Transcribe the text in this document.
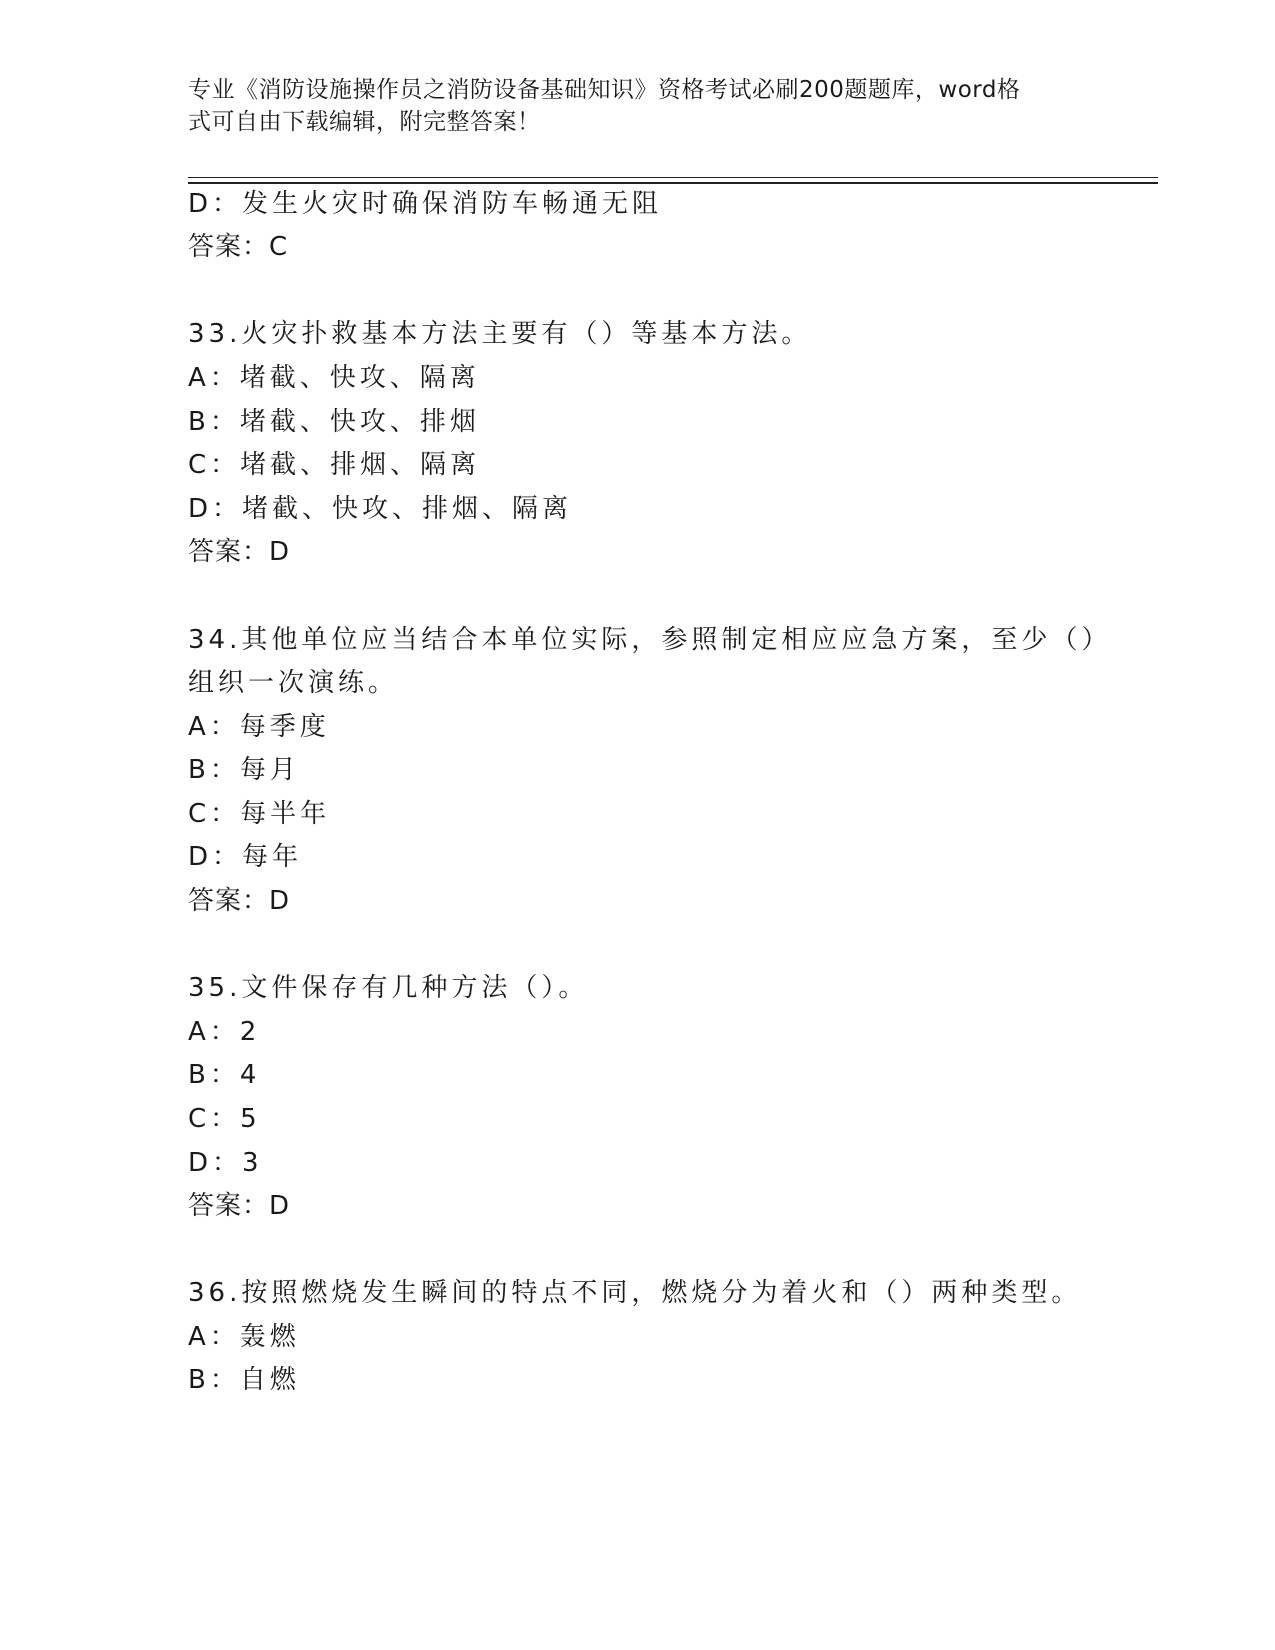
专业《消防设施操作员之消防设备基础知识》资格考试必刷200题题库，word格
式可自由下载编辑，附完整答案！
D：发生火灾时确保消防车畅通无阻
答案：C
33.火灾扑救基本方法主要有（）等基本方法。
A：堵截、快攻、隔离
B：堵截、快攻、排烟
C：堵截、排烟、隔离
D：堵截、快攻、排烟、隔离
答案：D
34.其他单位应当结合本单位实际，参照制定相应应急方案，至少（）
组织一次演练。
A：每季度
B：每月
C：每半年
D：每年
答案：D
35.文件保存有几种方法（）。
A：2
B：4
C：5
D：3
答案：D
36.按照燃烧发生瞬间的特点不同，燃烧分为着火和（）两种类型。
A：轰燃
B：自燃
